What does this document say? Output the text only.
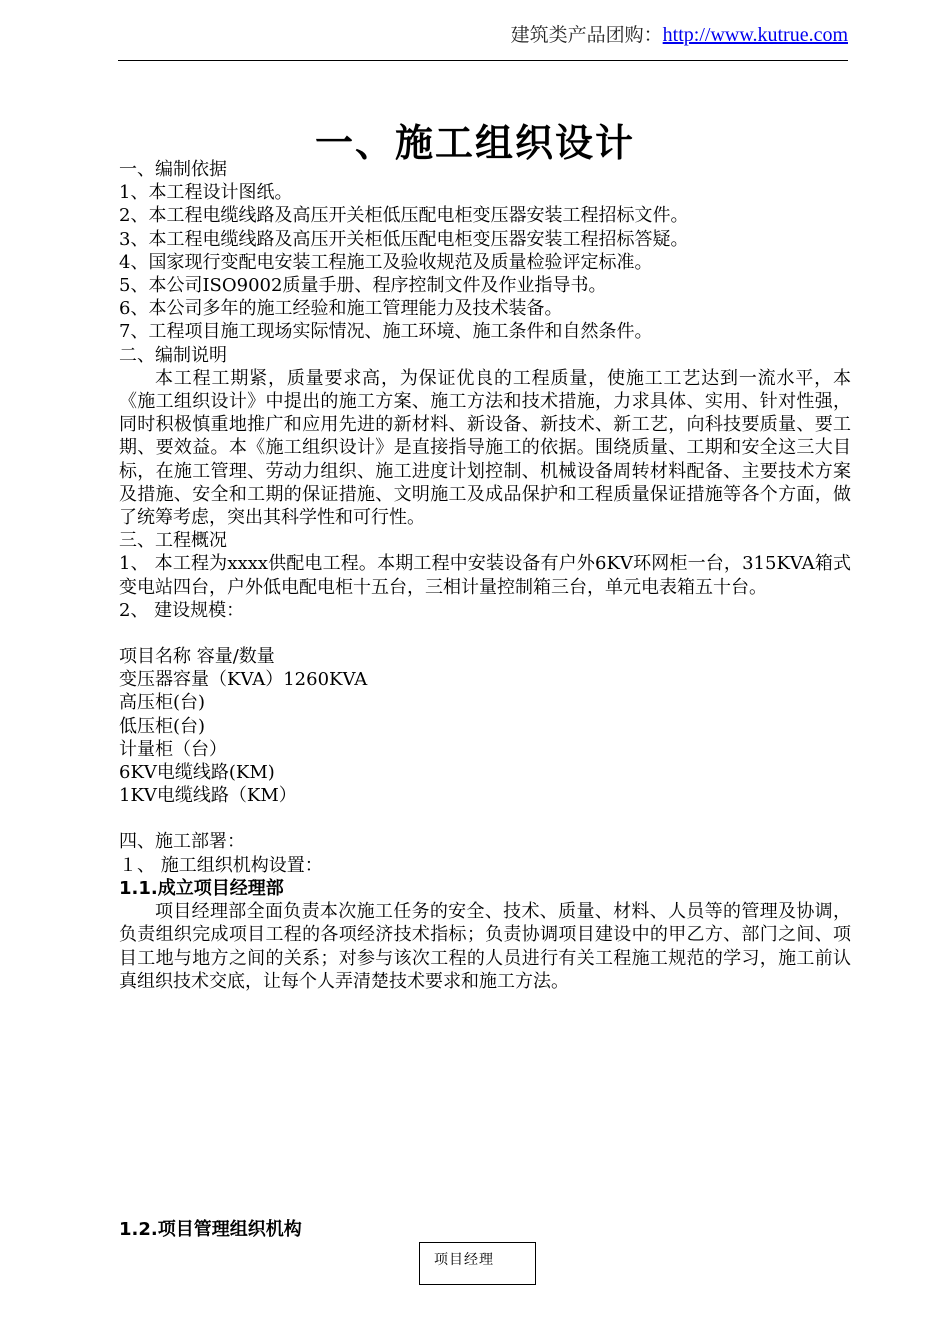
建筑类产品团购：http://www.kutrue.com
一、施工组织设计
一、编制依据
1、本工程设计图纸。
2、本工程电缆线路及高压开关柜低压配电柜变压器安装工程招标文件。
3、本工程电缆线路及高压开关柜低压配电柜变压器安装工程招标答疑。
4、国家现行变配电安装工程施工及验收规范及质量检验评定标准。
5、本公司ISO9002质量手册、程序控制文件及作业指导书。
6、本公司多年的施工经验和施工管理能力及技术装备。
7、工程项目施工现场实际情况、施工环境、施工条件和自然条件。
二、编制说明
本工程工期紧，质量要求高，为保证优良的工程质量，使施工工艺达到一流水平，本《施工组织设计》中提出的施工方案、施工方法和技术措施，力求具体、实用、针对性强，同时积极慎重地推广和应用先进的新材料、新设备、新技术、新工艺，向科技要质量、要工期、要效益。本《施工组织设计》是直接指导施工的依据。围绕质量、工期和安全这三大目标，在施工管理、劳动力组织、施工进度计划控制、机械设备周转材料配备、主要技术方案及措施、安全和工期的保证措施、文明施工及成品保护和工程质量保证措施等各个方面，做了统筹考虑，突出其科学性和可行性。
三、工程概况
1、 本工程为xxxx供配电工程。本期工程中安装设备有户外6KV环网柜一台，315KVA箱式变电站四台，户外低电配电柜十五台，三相计量控制箱三台，单元电表箱五十台。
2、 建设规模：
项目名称 容量/数量
变压器容量（KVA）1260KVA
高压柜(台)
低压柜(台)
计量柜（台）
6KV电缆线路(KM)
1KV电缆线路（KM）
四、施工部署：
１、 施工组织机构设置：
1.1.成立项目经理部
项目经理部全面负责本次施工任务的安全、技术、质量、材料、人员等的管理及协调，负责组织完成项目工程的各项经济技术指标；负责协调项目建设中的甲乙方、部门之间、项目工地与地方之间的关系；对参与该次工程的人员进行有关工程施工规范的学习，施工前认真组织技术交底，让每个人弄清楚技术要求和施工方法。
1.2.项目管理组织机构
项目经理
